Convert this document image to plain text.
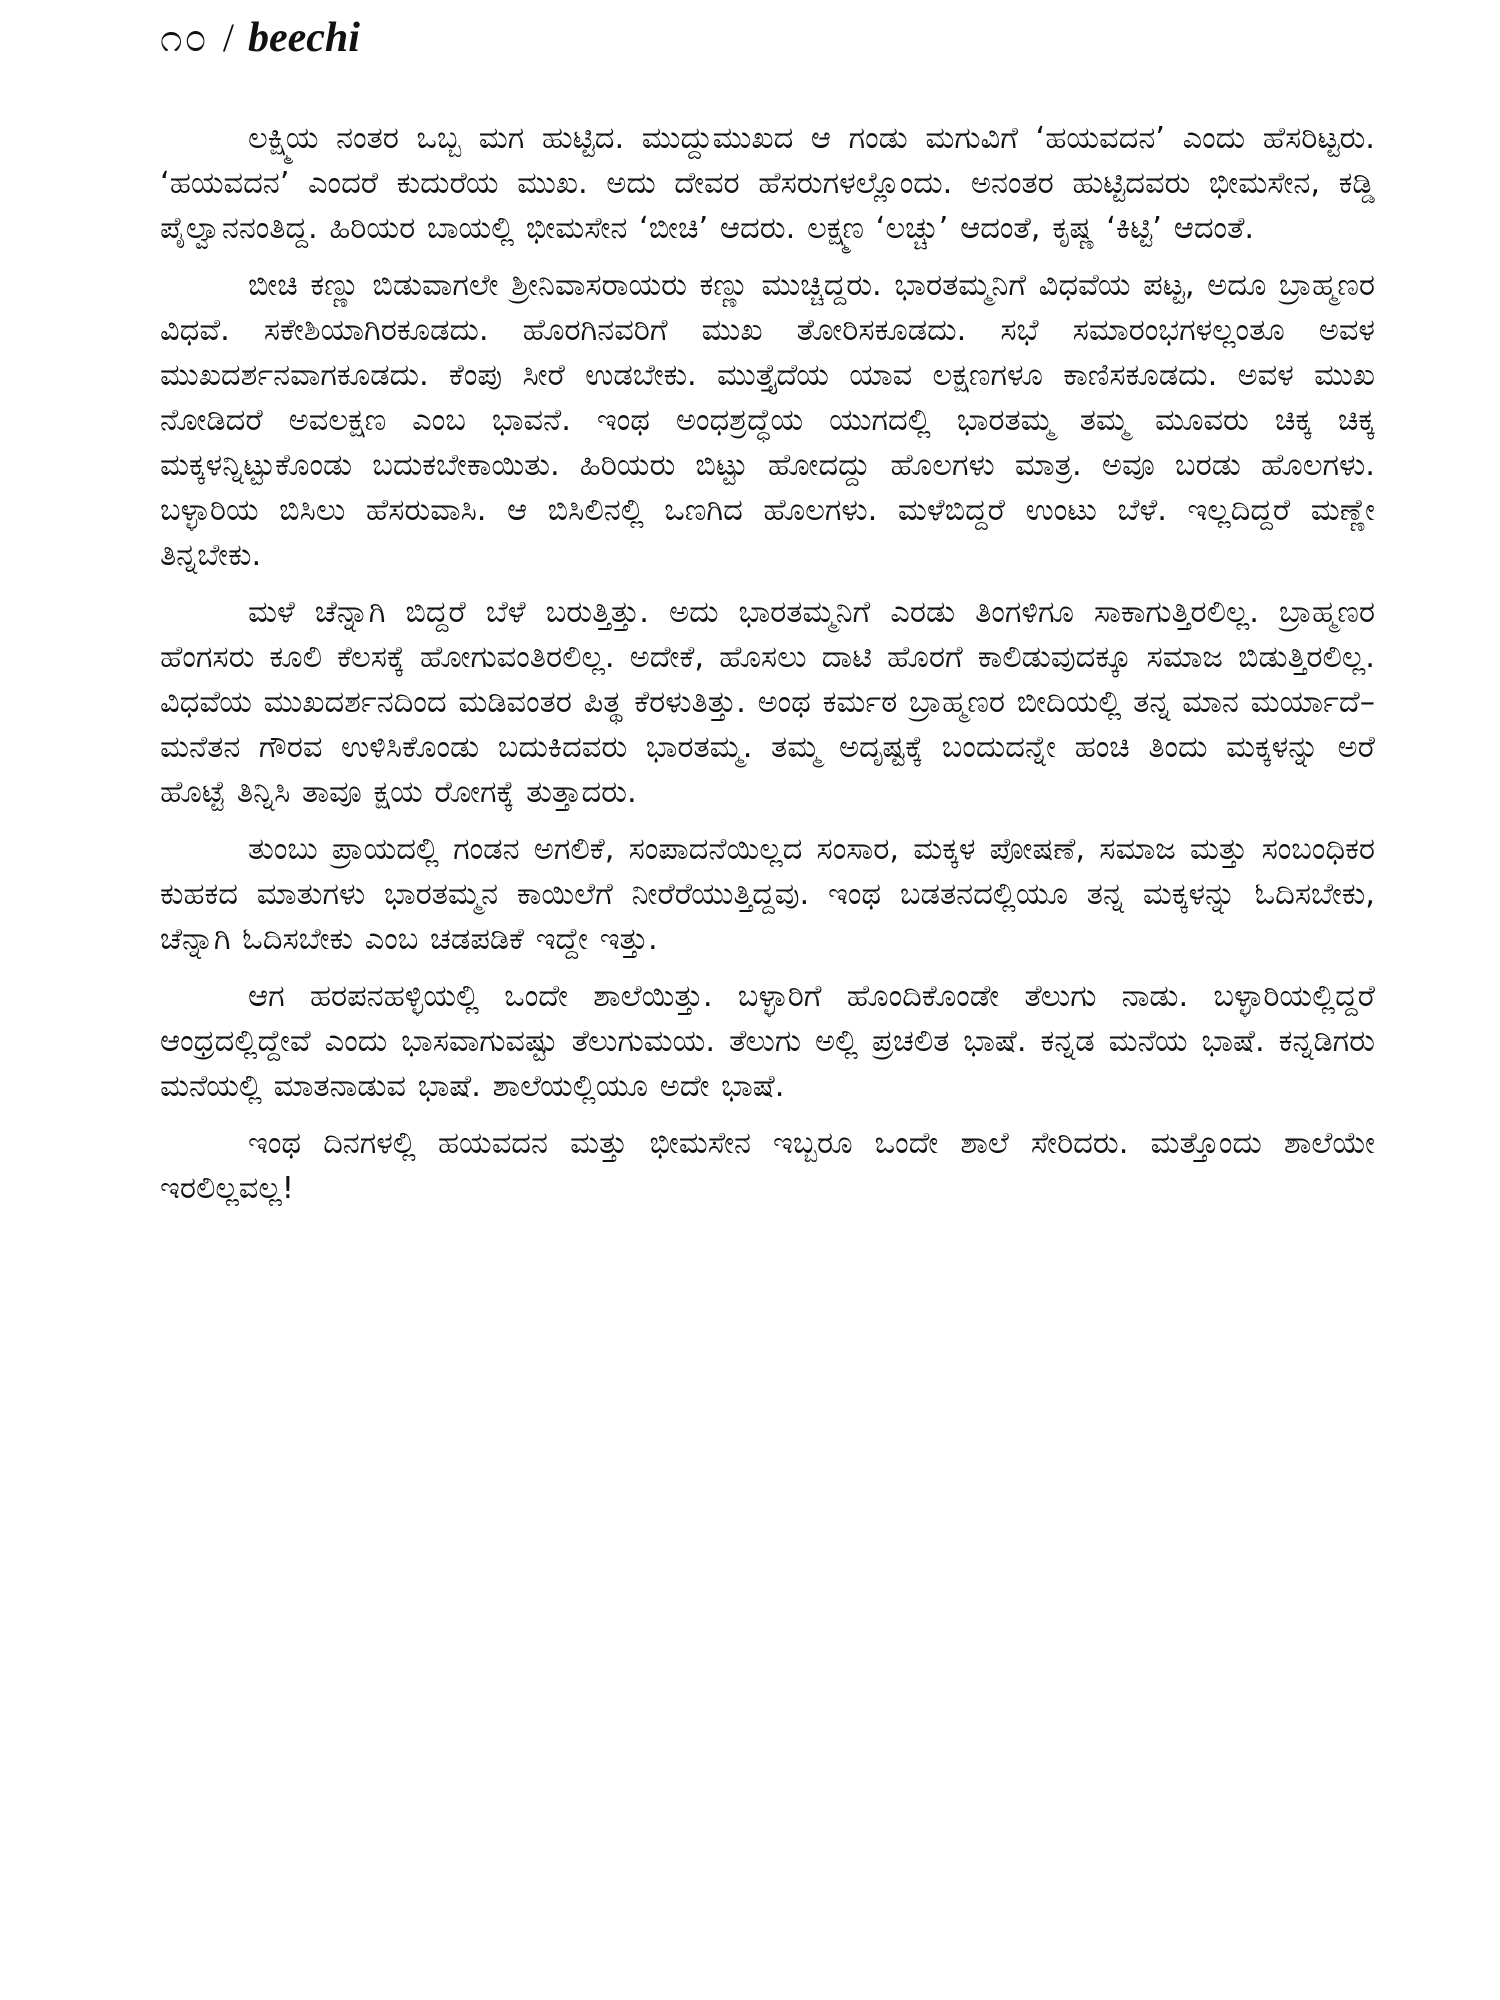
೧೦ / beechi

ಲಕ್ಷ್ಮಿಯ ನಂತರ ಒಬ್ಬ ಮಗ ಹುಟ್ಟಿದ. ಮುದ್ದುಮುಖದ ಆ ಗಂಡು ಮಗುವಿಗೆ ‘ಹಯವದನ’ ಎಂದು ಹೆಸರಿಟ್ಟರು. ‘ಹಯವದನ’ ಎಂದರೆ ಕುದುರೆಯ ಮುಖ. ಅದು ದೇವರ ಹೆಸರುಗಳಲ್ಲೊಂದು. ಅನಂತರ ಹುಟ್ಟಿದವರು ಭೀಮಸೇನ, ಕಡ್ಡಿ ಪೈಲ್ವಾನನಂತಿದ್ದ. ಹಿರಿಯರ ಬಾಯಲ್ಲಿ ಭೀಮಸೇನ ‘ಬೀಚಿ’ ಆದರು. ಲಕ್ಷ್ಮಣ ‘ಲಚ್ಚು’ ಆದಂತೆ, ಕೃಷ್ಣ ‘ಕಿಟ್ಟಿ’ ಆದಂತೆ.

ಬೀಚಿ ಕಣ್ಣು ಬಿಡುವಾಗಲೇ ಶ್ರೀನಿವಾಸರಾಯರು ಕಣ್ಣು ಮುಚ್ಚಿದ್ದರು. ಭಾರತಮ್ಮನಿಗೆ ವಿಧವೆಯ ಪಟ್ಟ, ಅದೂ ಬ್ರಾಹ್ಮಣರ ವಿಧವೆ. ಸಕೇಶಿಯಾಗಿರಕೂಡದು. ಹೊರಗಿನವರಿಗೆ ಮುಖ ತೋರಿಸಕೂಡದು. ಸಭೆ ಸಮಾರಂಭಗಳಲ್ಲಂತೂ ಅವಳ ಮುಖದರ್ಶನವಾಗಕೂಡದು. ಕೆಂಪು ಸೀರೆ ಉಡಬೇಕು. ಮುತ್ತೈದೆಯ ಯಾವ ಲಕ್ಷಣಗಳೂ ಕಾಣಿಸಕೂಡದು. ಅವಳ ಮುಖ ನೋಡಿದರೆ ಅವಲಕ್ಷಣ ಎಂಬ ಭಾವನೆ. ಇಂಥ ಅಂಧಶ್ರದ್ಧೆಯ ಯುಗದಲ್ಲಿ ಭಾರತಮ್ಮ ತಮ್ಮ ಮೂವರು ಚಿಕ್ಕ ಚಿಕ್ಕ ಮಕ್ಕಳನ್ನಿಟ್ಟುಕೊಂಡು ಬದುಕಬೇಕಾಯಿತು. ಹಿರಿಯರು ಬಿಟ್ಟು ಹೋದದ್ದು ಹೊಲಗಳು ಮಾತ್ರ. ಅವೂ ಬರಡು ಹೊಲಗಳು. ಬಳ್ಳಾರಿಯ ಬಿಸಿಲು ಹೆಸರುವಾಸಿ. ಆ ಬಿಸಿಲಿನಲ್ಲಿ ಒಣಗಿದ ಹೊಲಗಳು. ಮಳೆಬಿದ್ದರೆ ಉಂಟು ಬೆಳೆ. ಇಲ್ಲದಿದ್ದರೆ ಮಣ್ಣೇ ತಿನ್ನಬೇಕು.

ಮಳೆ ಚೆನ್ನಾಗಿ ಬಿದ್ದರೆ ಬೆಳೆ ಬರುತ್ತಿತ್ತು. ಅದು ಭಾರತಮ್ಮನಿಗೆ ಎರಡು ತಿಂಗಳಿಗೂ ಸಾಕಾಗುತ್ತಿರಲಿಲ್ಲ. ಬ್ರಾಹ್ಮಣರ ಹೆಂಗಸರು ಕೂಲಿ ಕೆಲಸಕ್ಕೆ ಹೋಗುವಂತಿರಲಿಲ್ಲ. ಅದೇಕೆ, ಹೊಸಲು ದಾಟಿ ಹೊರಗೆ ಕಾಲಿಡುವುದಕ್ಕೂ ಸಮಾಜ ಬಿಡುತ್ತಿರಲಿಲ್ಲ. ವಿಧವೆಯ ಮುಖದರ್ಶನದಿಂದ ಮಡಿವಂತರ ಪಿತ್ಥ ಕೆರಳುತಿತ್ತು. ಅಂಥ ಕರ್ಮಠ ಬ್ರಾಹ್ಮಣರ ಬೀದಿಯಲ್ಲಿ ತನ್ನ ಮಾನ ಮರ್ಯಾದೆ–ಮನೆತನ ಗೌರವ ಉಳಿಸಿಕೊಂಡು ಬದುಕಿದವರು ಭಾರತಮ್ಮ. ತಮ್ಮ ಅದೃಷ್ಟಕ್ಕೆ ಬಂದುದನ್ನೇ ಹಂಚಿ ತಿಂದು ಮಕ್ಕಳನ್ನು ಅರೆ ಹೊಟ್ಟೆ ತಿನ್ನಿಸಿ ತಾವೂ ಕ್ಷಯ ರೋಗಕ್ಕೆ ತುತ್ತಾದರು.

ತುಂಬು ಪ್ರಾಯದಲ್ಲಿ ಗಂಡನ ಅಗಲಿಕೆ, ಸಂಪಾದನೆಯಿಲ್ಲದ ಸಂಸಾರ, ಮಕ್ಕಳ ಪೋಷಣೆ, ಸಮಾಜ ಮತ್ತು ಸಂಬಂಧಿಕರ ಕುಹಕದ ಮಾತುಗಳು ಭಾರತಮ್ಮನ ಕಾಯಿಲೆಗೆ ನೀರೆರೆಯುತ್ತಿದ್ದವು. ಇಂಥ ಬಡತನದಲ್ಲಿಯೂ ತನ್ನ ಮಕ್ಕಳನ್ನು ಓದಿಸಬೇಕು, ಚೆನ್ನಾಗಿ ಓದಿಸಬೇಕು ಎಂಬ ಚಡಪಡಿಕೆ ಇದ್ದೇ ಇತ್ತು.

ಆಗ ಹರಪನಹಳ್ಳಿಯಲ್ಲಿ ಒಂದೇ ಶಾಲೆಯಿತ್ತು. ಬಳ್ಳಾರಿಗೆ ಹೊಂದಿಕೊಂಡೇ ತೆಲುಗು ನಾಡು. ಬಳ್ಳಾರಿಯಲ್ಲಿದ್ದರೆ ಆಂಧ್ರದಲ್ಲಿದ್ದೇವೆ ಎಂದು ಭಾಸವಾಗುವಷ್ಟು ತೆಲುಗುಮಯ. ತೆಲುಗು ಅಲ್ಲಿ ಪ್ರಚಲಿತ ಭಾಷೆ. ಕನ್ನಡ ಮನೆಯ ಭಾಷೆ. ಕನ್ನಡಿಗರು ಮನೆಯಲ್ಲಿ ಮಾತನಾಡುವ ಭಾಷೆ. ಶಾಲೆಯಲ್ಲಿಯೂ ಅದೇ ಭಾಷೆ.

ಇಂಥ ದಿನಗಳಲ್ಲಿ ಹಯವದನ ಮತ್ತು ಭೀಮಸೇನ ಇಬ್ಬರೂ ಒಂದೇ ಶಾಲೆ ಸೇರಿದರು. ಮತ್ತೊಂದು ಶಾಲೆಯೇ ಇರಲಿಲ್ಲವಲ್ಲ!
